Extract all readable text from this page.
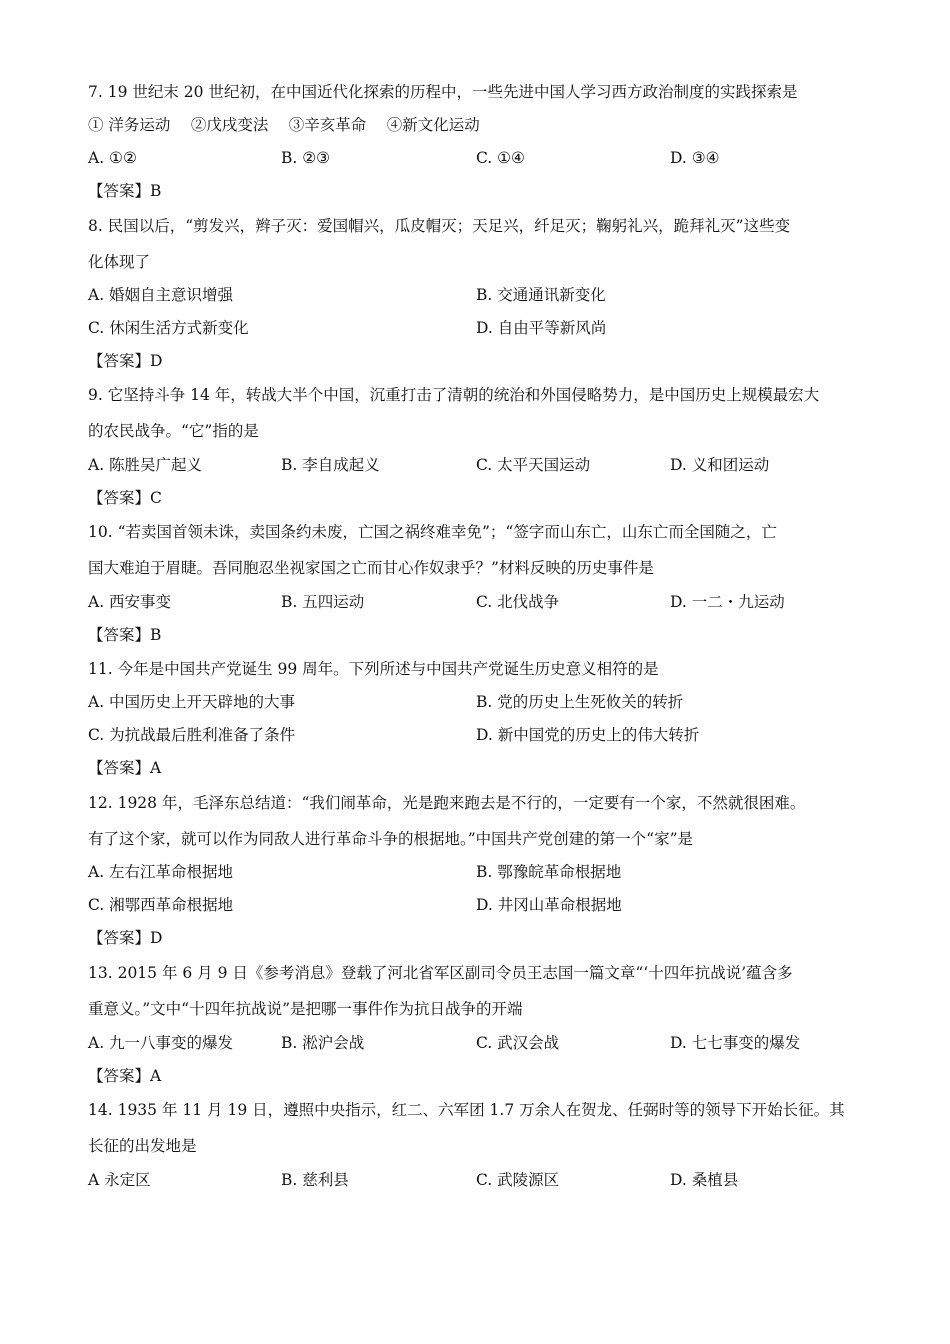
7. 19 世纪末 20 世纪初，在中国近代化探索的历程中，一些先进中国人学习西方政治制度的实践探索是
① 洋务运动　 ②戊戌变法　 ③辛亥革命　 ④新文化运动
A. ①②	B. ②③	C. ①④	D. ③④
【答案】B
8. 民国以后，“剪发兴，辫子灭：爱国帽兴，瓜皮帽灭；天足兴，纤足灭；鞠躬礼兴，跪拜礼灭”这些变
化体现了
A. 婚姻自主意识增强	B. 交通通讯新变化
C. 休闲生活方式新变化	D. 自由平等新风尚
【答案】D
9. 它坚持斗争 14 年，转战大半个中国，沉重打击了清朝的统治和外国侵略势力，是中国历史上规模最宏大
的农民战争。“它”指的是
A. 陈胜吴广起义	B. 李自成起义	C. 太平天国运动	D. 义和团运动
【答案】C
10. “若卖国首领未诛，卖国条约未废，亡国之祸终难幸免”；“签字而山东亡，山东亡而全国随之，亡
国大难迫于眉睫。吾同胞忍坐视家国之亡而甘心作奴隶乎？”材料反映的历史事件是
A. 西安事变	B. 五四运动	C. 北伐战争	D. 一二・九运动
【答案】B
11. 今年是中国共产党诞生 99 周年。下列所述与中国共产党诞生历史意义相符的是
A. 中国历史上开天辟地的大事	B. 党的历史上生死攸关的转折
C. 为抗战最后胜利准备了条件	D. 新中国党的历史上的伟大转折
【答案】A
12. 1928 年，毛泽东总结道：“我们闹革命，光是跑来跑去是不行的，一定要有一个家，不然就很困难。
有了这个家，就可以作为同敌人进行革命斗争的根据地。”中国共产党创建的第一个“家”是
A. 左右江革命根据地	B. 鄂豫皖革命根据地
C. 湘鄂西革命根据地	D. 井冈山革命根据地
【答案】D
13. 2015 年 6 月 9 日《参考消息》登载了河北省军区副司令员王志国一篇文章“‘十四年抗战说’蕴含多
重意义。”文中“十四年抗战说”是把哪一事件作为抗日战争的开端
A. 九一八事变的爆发	B. 淞沪会战	C. 武汉会战	D. 七七事变的爆发
【答案】A
14. 1935 年 11 月 19 日，遵照中央指示，红二、六军团 1.7 万余人在贺龙、任弼时等的领导下开始长征。其
长征的出发地是
A 永定区	B. 慈利县	C. 武陵源区	D. 桑植县
